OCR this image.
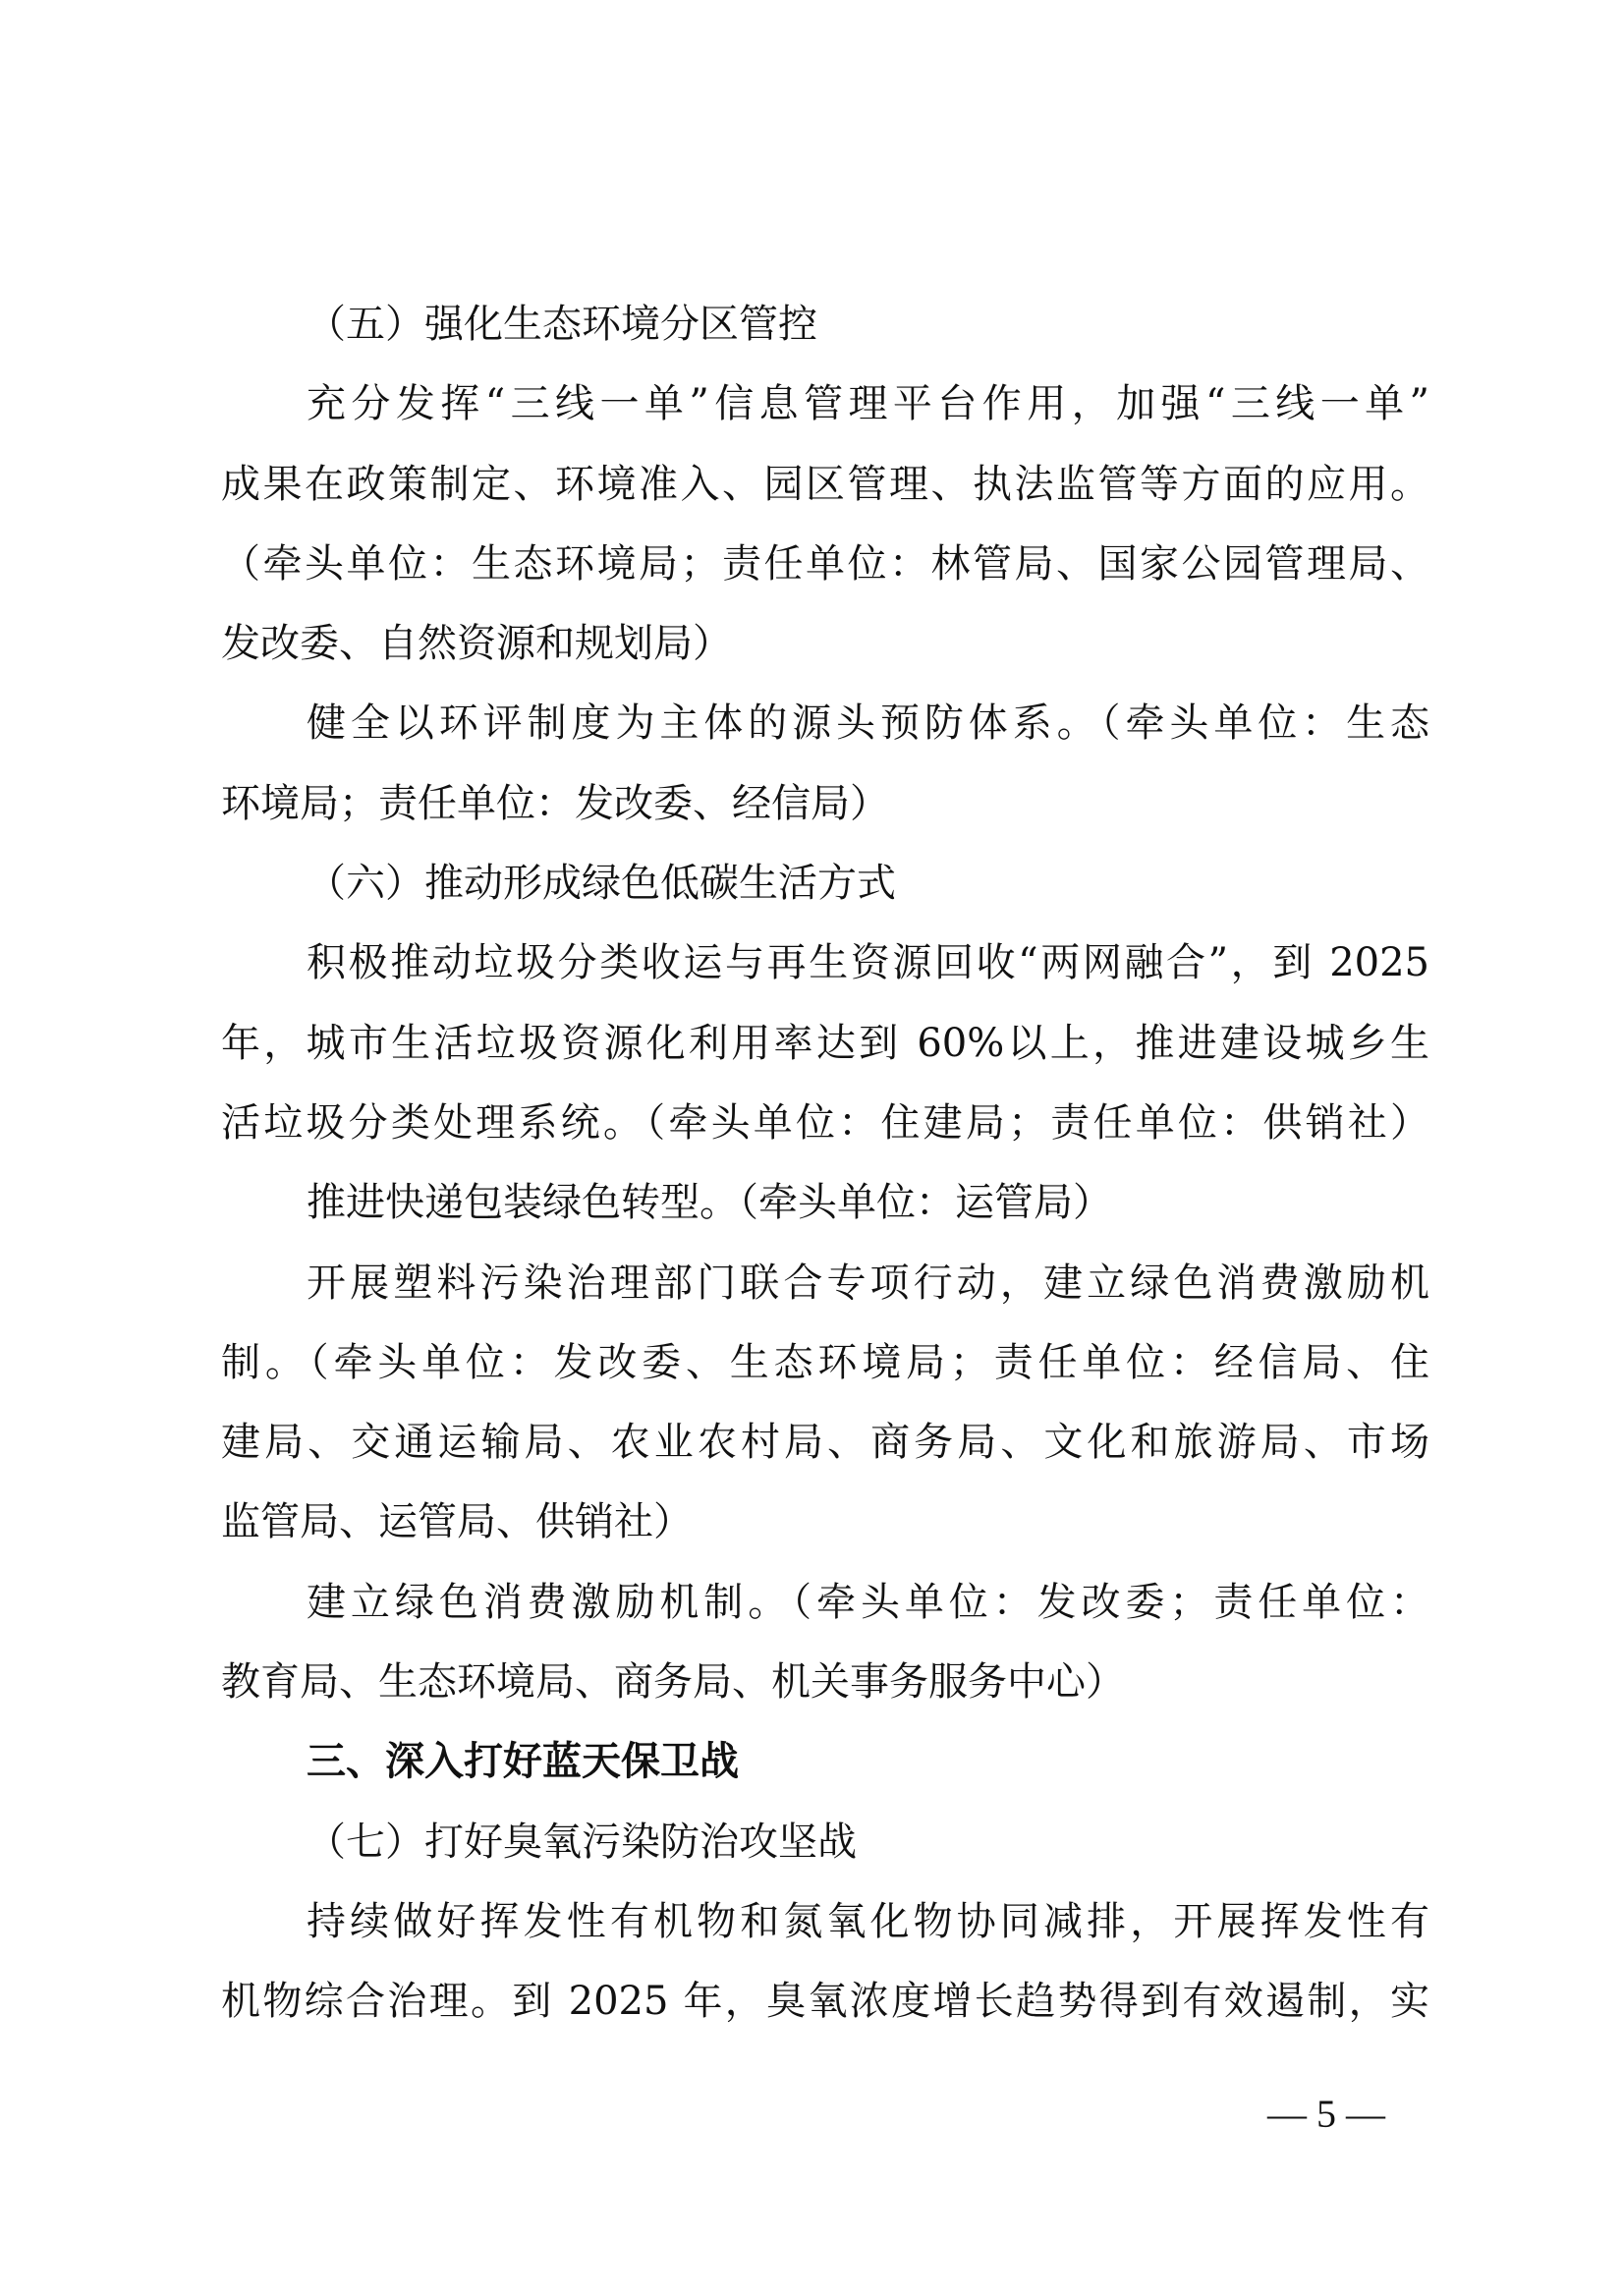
（五）强化生态环境分区管控
充分发挥“三线一单”信息管理平台作用，加强“三线一单”
成果在政策制定、环境准入、园区管理、执法监管等方面的应用。
（牵头单位：生态环境局；责任单位：林管局、国家公园管理局、
发改委、自然资源和规划局）
健全以环评制度为主体的源头预防体系。（牵头单位：生态
环境局；责任单位：发改委、经信局）
（六）推动形成绿色低碳生活方式
积极推动垃圾分类收运与再生资源回收“两网融合”，到 2025
年，城市生活垃圾资源化利用率达到 60%以上，推进建设城乡生
活垃圾分类处理系统。（牵头单位：住建局；责任单位：供销社）
推进快递包装绿色转型。（牵头单位：运管局）
开展塑料污染治理部门联合专项行动，建立绿色消费激励机
制。（牵头单位：发改委、生态环境局；责任单位：经信局、住
建局、交通运输局、农业农村局、商务局、文化和旅游局、市场
监管局、运管局、供销社）
建立绿色消费激励机制。（牵头单位：发改委；责任单位：
教育局、生态环境局、商务局、机关事务服务中心）
三、深入打好蓝天保卫战
（七）打好臭氧污染防治攻坚战
持续做好挥发性有机物和氮氧化物协同减排，开展挥发性有
机物综合治理。到 2025 年，臭氧浓度增长趋势得到有效遏制，实
— 5 —
